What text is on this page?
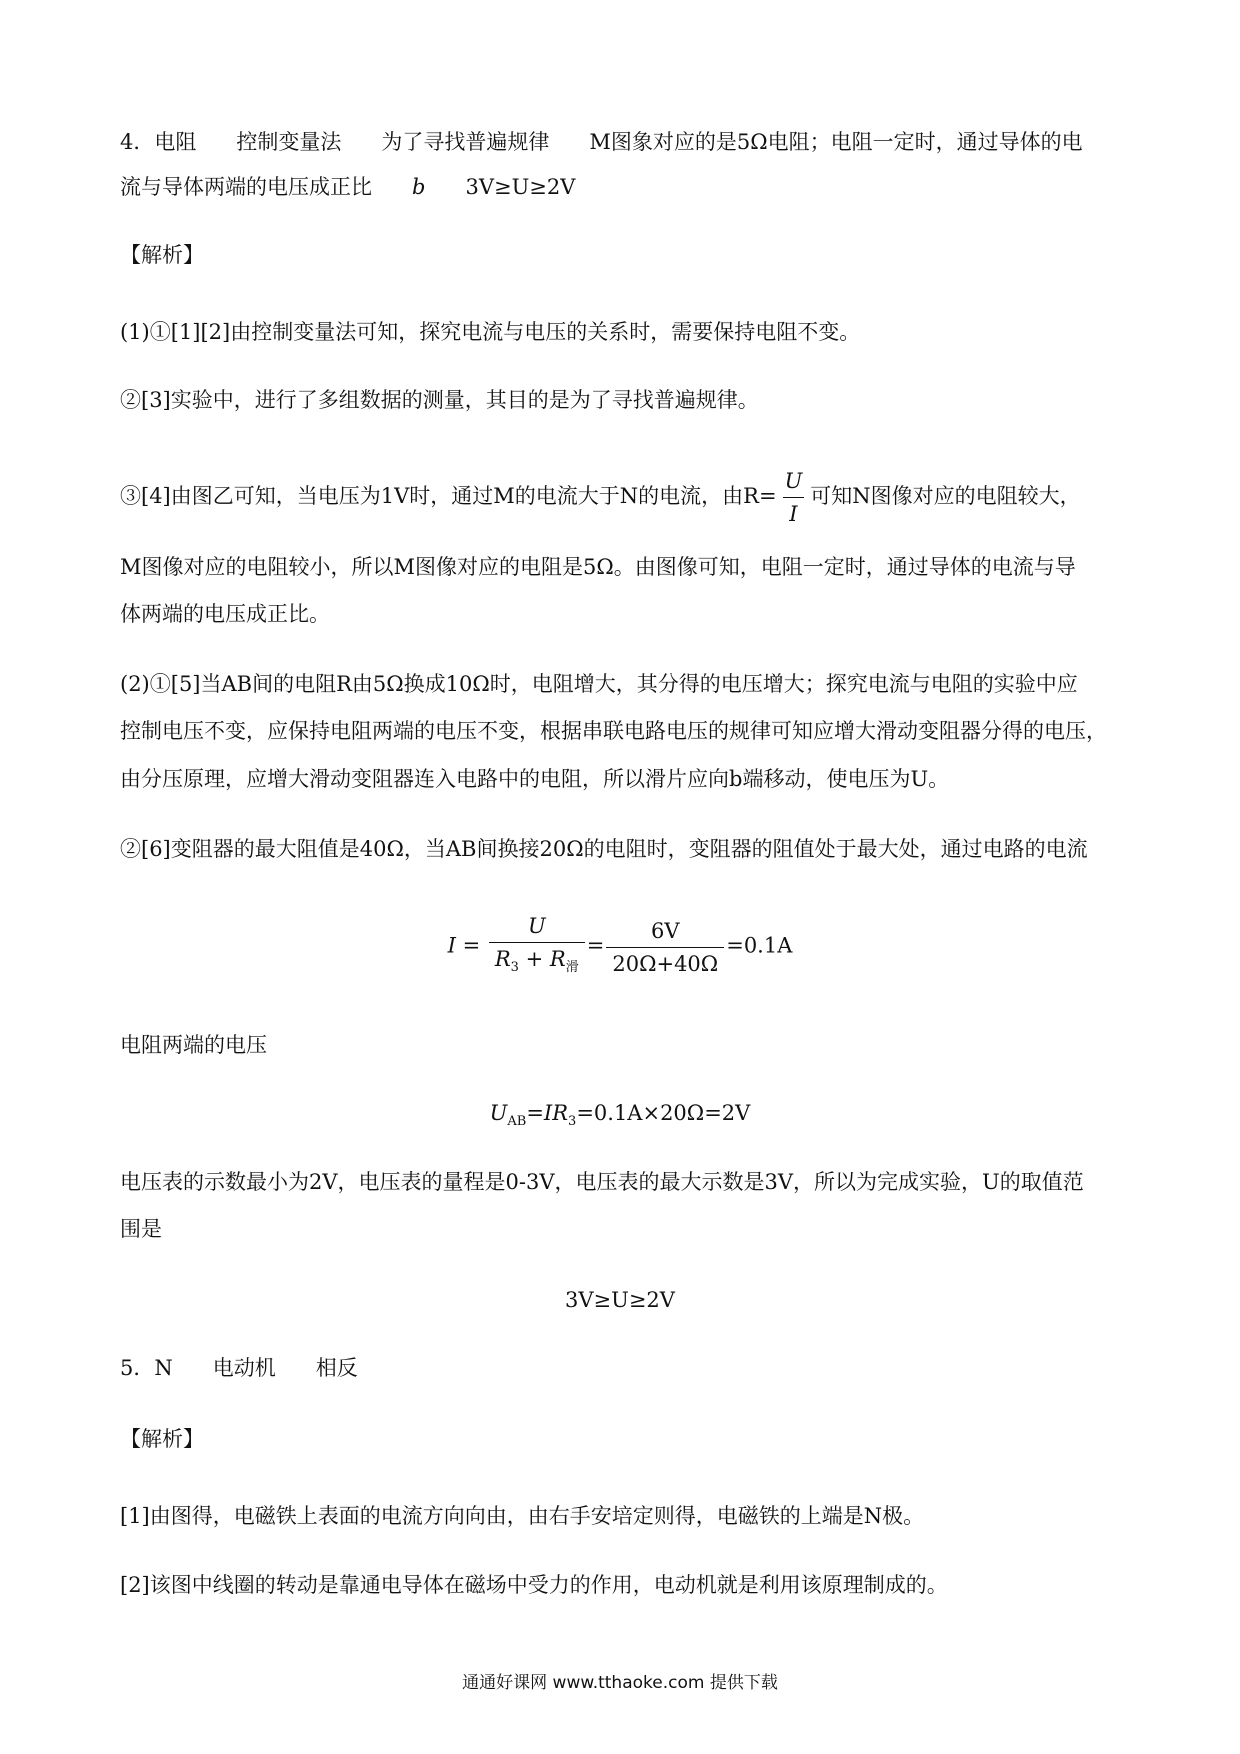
4．电阻 控制变量法 为了寻找普遍规律 M图象对应的是5Ω电阻；电阻一定时，通过导体的电
流与导体两端的电压成正比 b 3V≥U≥2V
【解析】
(1)①[1][2]由控制变量法可知，探究电流与电压的关系时，需要保持电阻不变。
②[3]实验中，进行了多组数据的测量，其目的是为了寻找普遍规律。
③[4]由图乙可知，当电压为1V时，通过M的电流大于N的电流，由$R= \frac{U}{I}$ 可知N图像对应的电阻较大，
M图像对应的电阻较小，所以M图像对应的电阻是5Ω。由图像可知，电阻一定时，通过导体的电流与导
体两端的电压成正比。
(2)①[5]当AB间的电阻R由5Ω换成10Ω时，电阻增大，其分得的电压增大；探究电流与电阻的实验中应
控制电压不变，应保持电阻两端的电压不变，根据串联电路电压的规律可知应增大滑动变阻器分得的电压，
由分压原理，应增大滑动变阻器连入电路中的电阻，所以滑片应向b端移动，使电压为U。
②[6]变阻器的最大阻值是40Ω，当AB间换接20Ω的电阻时，变阻器的阻值处于最大处，通过电路的电流
$I = \frac{U}{R_3 + R_滑} = \frac{6V}{20\Omega+40\Omega} =0.1A$
电阻两端的电压
$U_{AB}=IR_3=0.1A\times 20\Omega=2V$
电压表的示数最小为2V，电压表的量程是0-3V，电压表的最大示数是3V，所以为完成实验，U的取值范
围是
3V≥U≥2V
5．N 电动机 相反
【解析】
[1]由图得，电磁铁上表面的电流方向向由，由右手安培定则得，电磁铁的上端是N极。
[2]该图中线圈的转动是靠通电导体在磁场中受力的作用，电动机就是利用该原理制成的。
通通好课网 www.tthaoke.com 提供下载
